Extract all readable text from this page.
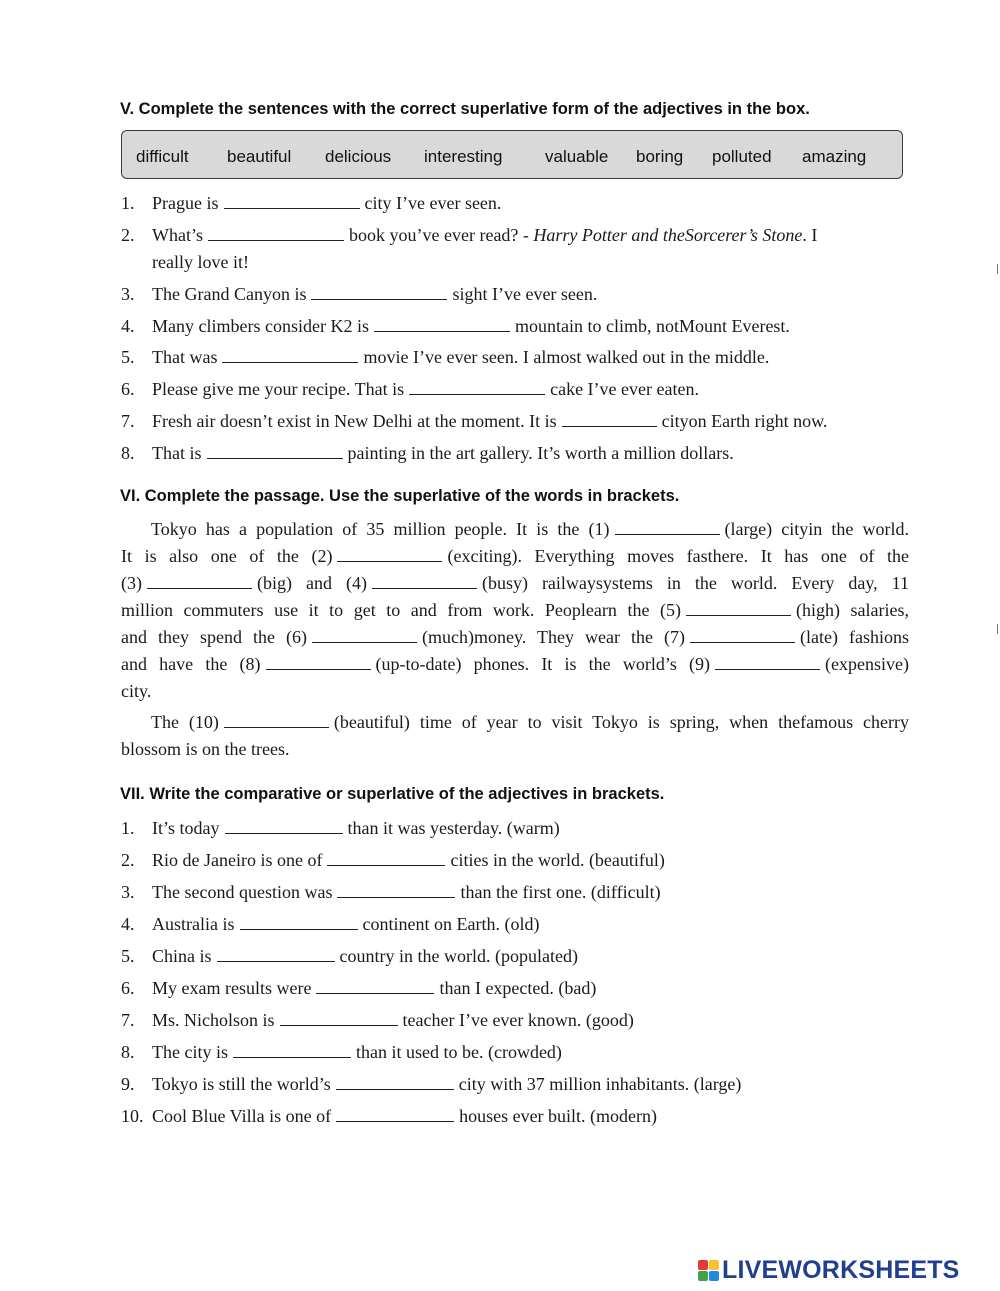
V. Complete the sentences with the correct superlative form of the adjectives in the box.
difficult beautiful delicious interesting	valuable boring polluted amazing
1. Prague is	city I’ve ever seen.
2. What’s	book you’ve ever read? - Harry Potter and theSorcerer’s Stone. I
really love it!
3. The Grand Canyon is	sight I’ve ever seen.
4. Many climbers consider K2 is	mountain to climb, notMount Everest.
5. That was	movie I’ve ever seen. I almost walked out in the middle.
6. Please give me your recipe. That is	cake I’ve ever eaten.
7. Fresh air doesn’t exist in New Delhi at the moment. It is	cityon Earth right now.
8. That is	painting in the art gallery. It’s worth a million dollars.
VI. Complete the passage. Use the superlative of the words in brackets.
Tokyo has a population of 35 million people. It is the (1)	(large) cityin the world.
It is also one of the (2)	(exciting). Everything moves fasthere. It has one of the
(3)	(big) and (4)	(busy) railwaysystems in the world. Every day, 11
million commuters use it to get to and from work. Peoplearn the (5)	(high) salaries,
and they spend the (6)	(much)money. They wear the (7)	(late) fashions
and have the (8)	(up-to-date) phones. It is the world’s (9)	(expensive)
city.
The (10)	(beautiful) time of year to visit Tokyo is spring, when thefamous cherry
blossom is on the trees.
VII. Write the comparative or superlative of the adjectives in brackets.
1. It’s today	than it was yesterday. (warm)
2. Rio de Janeiro is one of	cities in the world. (beautiful)
3. The second question was	than the first one. (difficult)
4. Australia is	continent on Earth. (old)
5. China is	country in the world. (populated)
6. My exam results were	than I expected. (bad)
7. Ms. Nicholson is	teacher I’ve ever known. (good)
8. The city is	than it used to be. (crowded)
9. Tokyo is still the world’s	city with 37 million inhabitants. (large)
10. Cool Blue Villa is one of	houses ever built. (modern)
LIVEWORKSHEETS
